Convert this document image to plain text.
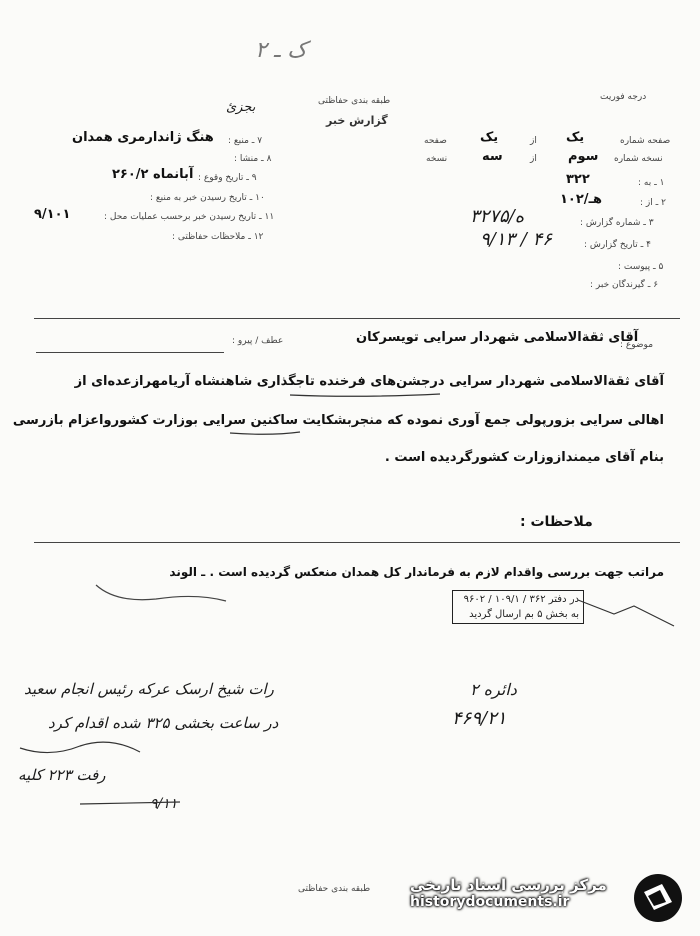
ک ـ ۲
طبقه بندی حفاظتی
بجزئ
درجه فوریت
گزارش خبر
۷ ـ منبع :
هنگ ژاندارمری همدان
۸ ـ منشا :
۹ ـ تاریخ وقوع :
آبانماه ۲۶۰/۲
۱۰ ـ تاریخ رسیدن خبر به منبع :
۱۱ ـ تاریخ رسیدن خبر برحسب عملیات محل :
۹/۱۰۱
۱۲ ـ ملاحظات حفاظتی :
صفحه شماره
یک
از
یک
صفحه
نسخه شماره
سوم
از
سه
نسخه
۱ ـ به :
۳۲۲
۲ ـ از :
۱۰۲/هـ
۳ ـ شماره گزارش :
۳۲۷۵/ه
۴ ـ تاریخ گزارش :
۹/۱۳ / ۴۶
۵ ـ پیوست :
۶ ـ گیرندگان خبر :
موضوع :
آقای ثقةالاسلامی شهردار سرایی تویسرکان
عطف / پیرو :
آقای ثقةالاسلامی شهردار سرایی درجشن‌های فرخنده تاجگذاری شاهنشاه آریامهرازعده‌ای از
اهالی سرایی بزورپولی جمع آوری نموده که منجربشکایت ساکنین سرایی بوزارت کشورواعزام بازرسی
بنام آقای میمندازوزارت کشورگردیده است .
ملاحظات :
مراتب جهت بررسی واقدام لازم به فرماندار کل همدان منعکس گردیده است . ـ الوند
در دفتر ۳۶۲ / ۱۰۹/۱ / ۹۶۰۲
به بخش ۵ بم ارسال گردید
رات شیخ ارسک عرکه رئیس انجام سعید
در ساعت بخشی ۳۲۵ شده اقدام کرد
رفت ۲۲۳ کلیه
۹/۱۱
دائره ۲
۴۶۹/۲۱
طبقه بندی حفاظتی	مرکز بررسی اسناد تاریخی
historydocuments.ir
